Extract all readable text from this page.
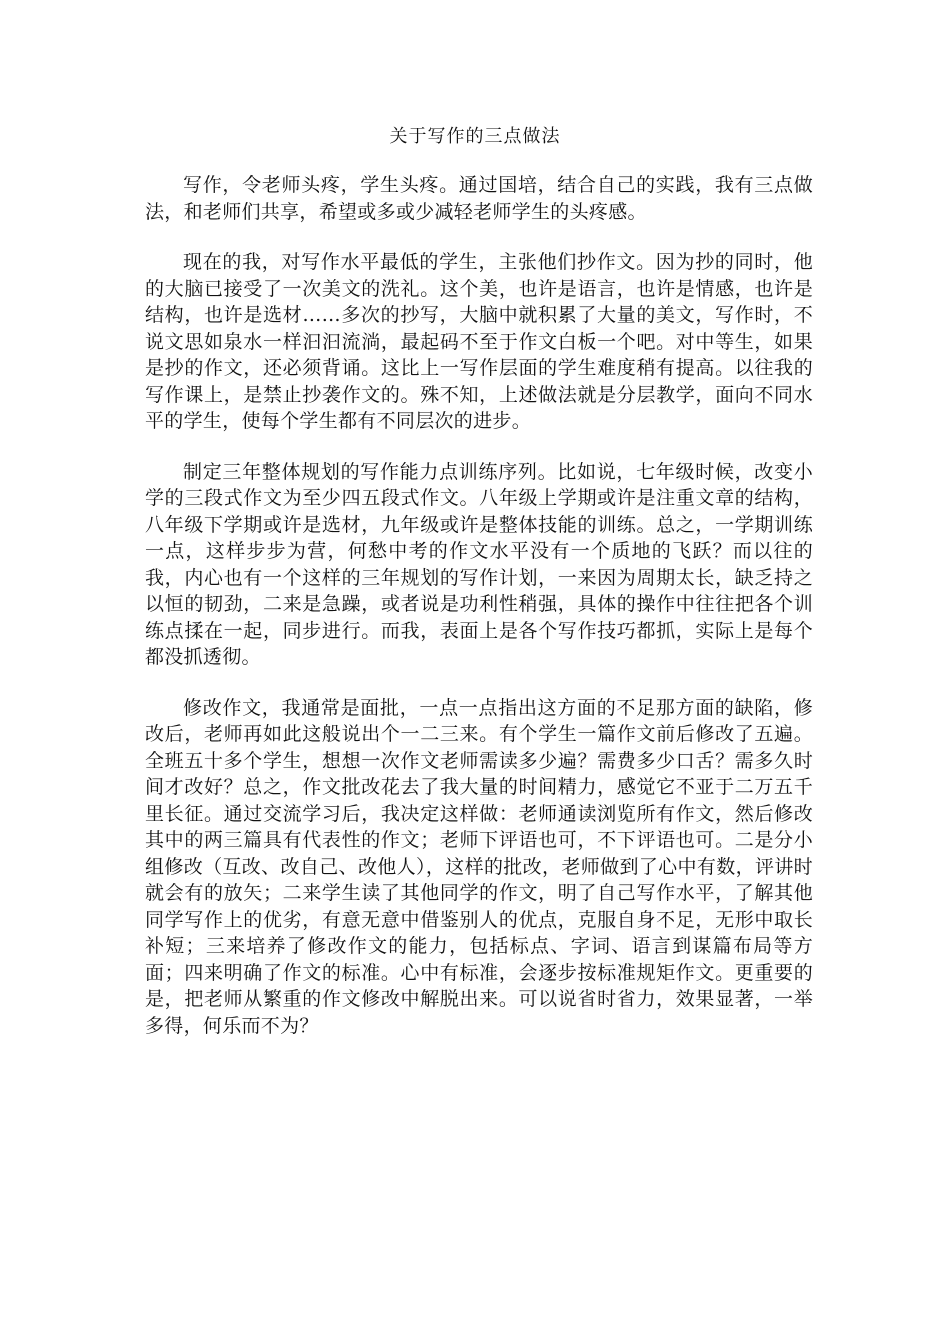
关于写作的三点做法

写作，令老师头疼，学生头疼。通过国培，结合自己的实践，我有三点做法，和老师们共享，希望或多或少减轻老师学生的头疼感。

现在的我，对写作水平最低的学生，主张他们抄作文。因为抄的同时，他的大脑已接受了一次美文的洗礼。这个美，也许是语言，也许是情感，也许是结构，也许是选材……多次的抄写，大脑中就积累了大量的美文，写作时，不说文思如泉水一样汩汩流淌，最起码不至于作文白板一个吧。对中等生，如果是抄的作文，还必须背诵。这比上一写作层面的学生难度稍有提高。以往我的写作课上，是禁止抄袭作文的。殊不知，上述做法就是分层教学，面向不同水平的学生，使每个学生都有不同层次的进步。

制定三年整体规划的写作能力点训练序列。比如说，七年级时候，改变小学的三段式作文为至少四五段式作文。八年级上学期或许是注重文章的结构，八年级下学期或许是选材，九年级或许是整体技能的训练。总之，一学期训练一点，这样步步为营，何愁中考的作文水平没有一个质地的飞跃？而以往的我，内心也有一个这样的三年规划的写作计划，一来因为周期太长，缺乏持之以恒的韧劲，二来是急躁，或者说是功利性稍强，具体的操作中往往把各个训练点揉在一起，同步进行。而我，表面上是各个写作技巧都抓，实际上是每个都没抓透彻。

修改作文，我通常是面批，一点一点指出这方面的不足那方面的缺陷，修改后，老师再如此这般说出个一二三来。有个学生一篇作文前后修改了五遍。全班五十多个学生，想想一次作文老师需读多少遍？需费多少口舌？需多久时间才改好？总之，作文批改花去了我大量的时间精力，感觉它不亚于二万五千里长征。通过交流学习后，我决定这样做：老师通读浏览所有作文，然后修改其中的两三篇具有代表性的作文；老师下评语也可，不下评语也可。二是分小组修改（互改、改自己、改他人），这样的批改，老师做到了心中有数，评讲时就会有的放矢；二来学生读了其他同学的作文，明了自己写作水平，了解其他同学写作上的优劣，有意无意中借鉴别人的优点，克服自身不足，无形中取长补短；三来培养了修改作文的能力，包括标点、字词、语言到谋篇布局等方面；四来明确了作文的标准。心中有标准，会逐步按标准规矩作文。更重要的是，把老师从繁重的作文修改中解脱出来。可以说省时省力，效果显著，一举多得，何乐而不为？
